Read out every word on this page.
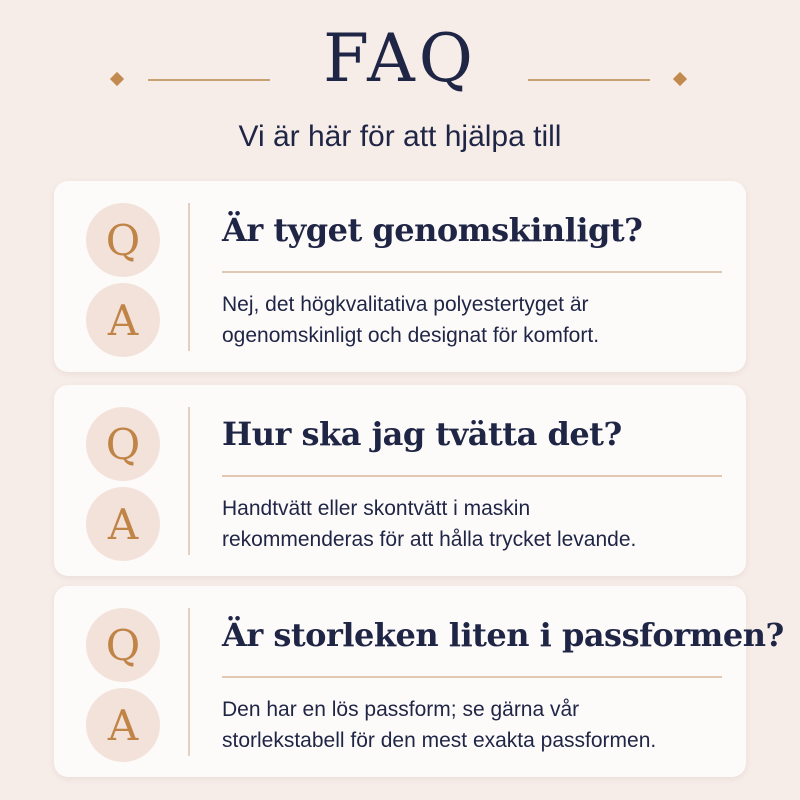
FAQ
Vi är här för att hjälpa till
Q
A
Är tyget genomskinligt?
Nej, det högkvalitativa polyestertyget är
ogenomskinligt och designat för komfort.
Q
A
Hur ska jag tvätta det?
Handtvätt eller skontvätt i maskin
rekommenderas för att hålla trycket levande.
Q
A
Är storleken liten i passformen?
Den har en lös passform; se gärna vår
storlekstabell för den mest exakta passformen.
